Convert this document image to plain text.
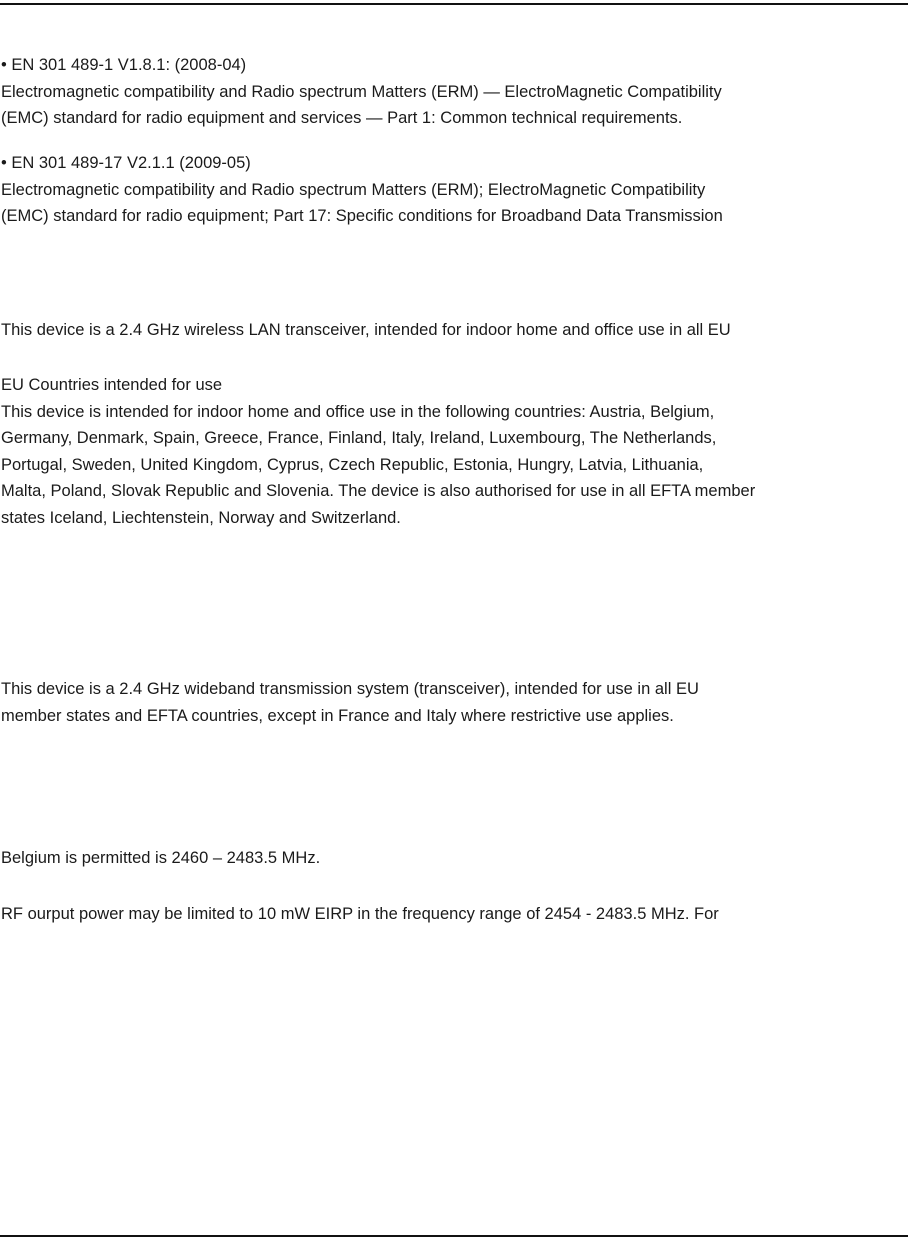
• EN 301 489-1 V1.8.1: (2008-04)
Electromagnetic compatibility and Radio spectrum Matters (ERM) — ElectroMagnetic Compatibility
(EMC) standard for radio equipment and services — Part 1: Common technical requirements.
• EN 301 489-17 V2.1.1 (2009-05)
Electromagnetic compatibility and Radio spectrum Matters (ERM); ElectroMagnetic Compatibility
(EMC) standard for radio equipment; Part 17: Specific conditions for Broadband Data Transmission
This device is a 2.4 GHz wireless LAN transceiver, intended for indoor home and office use in all EU
EU Countries intended for use
This device is intended for indoor home and office use in the following countries: Austria, Belgium,
Germany, Denmark, Spain, Greece, France, Finland, Italy, Ireland, Luxembourg, The Netherlands,
Portugal, Sweden, United Kingdom, Cyprus, Czech Republic, Estonia, Hungry, Latvia, Lithuania,
Malta, Poland, Slovak Republic and Slovenia. The device is also authorised for use in all EFTA member
states Iceland, Liechtenstein, Norway and Switzerland.
This device is a 2.4 GHz wideband transmission system (transceiver), intended for use in all EU
member states and EFTA countries, except in France and Italy where restrictive use applies.
Belgium is permitted is 2460 – 2483.5 MHz.
RF ourput power may be limited to 10 mW EIRP in the frequency range of 2454 - 2483.5 MHz. For
